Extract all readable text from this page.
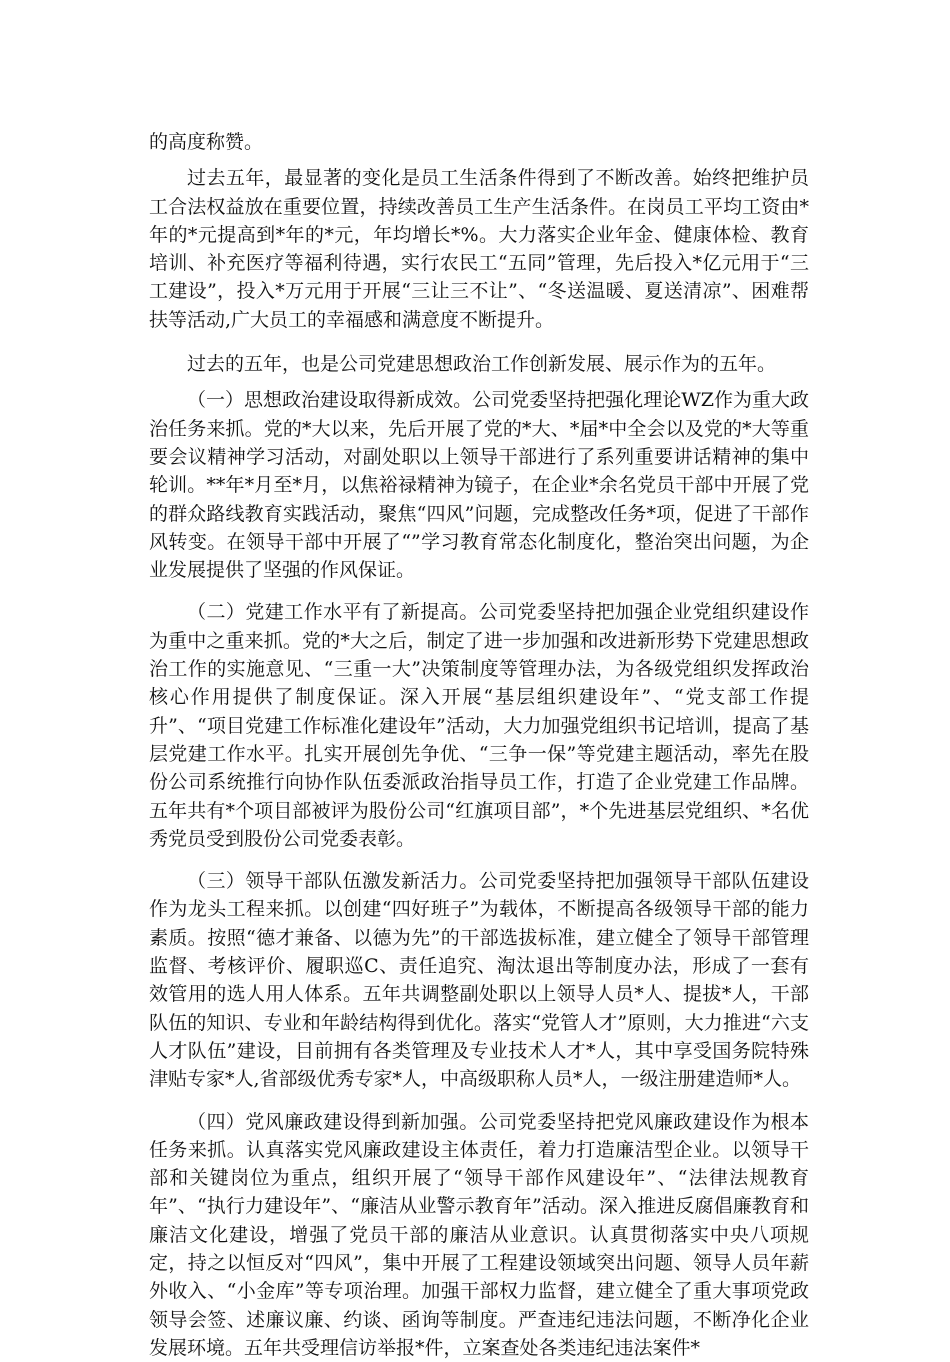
的高度称赞。

过去五年，最显著的变化是员工生活条件得到了不断改善。始终把维护员工合法权益放在重要位置，持续改善员工生产生活条件。在岗员工平均工资由*年的*元提高到*年的*元，年均增长*%。大力落实企业年金、健康体检、教育培训、补充医疗等福利待遇，实行农民工“五同”管理，先后投入*亿元用于“三工建设”，投入*万元用于开展“三让三不让”、“冬送温暖、夏送清凉”、困难帮扶等活动,广大员工的幸福感和满意度不断提升。

过去的五年，也是公司党建思想政治工作创新发展、展示作为的五年。

（一）思想政治建设取得新成效。公司党委坚持把强化理论WZ作为重大政治任务来抓。党的*大以来，先后开展了党的*大、*届*中全会以及党的*大等重要会议精神学习活动，对副处职以上领导干部进行了系列重要讲话精神的集中轮训。**年*月至*月，以焦裕禄精神为镜子，在企业*余名党员干部中开展了党的群众路线教育实践活动，聚焦“四风”问题，完成整改任务*项，促进了干部作风转变。在领导干部中开展了“”学习教育常态化制度化，整治突出问题，为企业发展提供了坚强的作风保证。

（二）党建工作水平有了新提高。公司党委坚持把加强企业党组织建设作为重中之重来抓。党的*大之后，制定了进一步加强和改进新形势下党建思想政治工作的实施意见、“三重一大”决策制度等管理办法，为各级党组织发挥政治核心作用提供了制度保证。深入开展“基层组织建设年”、“党支部工作提升”、“项目党建工作标准化建设年”活动，大力加强党组织书记培训，提高了基层党建工作水平。扎实开展创先争优、“三争一保”等党建主题活动，率先在股份公司系统推行向协作队伍委派政治指导员工作，打造了企业党建工作品牌。五年共有*个项目部被评为股份公司“红旗项目部”，*个先进基层党组织、*名优秀党员受到股份公司党委表彰。

（三）领导干部队伍激发新活力。公司党委坚持把加强领导干部队伍建设作为龙头工程来抓。以创建“四好班子”为载体，不断提高各级领导干部的能力素质。按照“德才兼备、以德为先”的干部选拔标准，建立健全了领导干部管理监督、考核评价、履职巡C、责任追究、淘汰退出等制度办法，形成了一套有效管用的选人用人体系。五年共调整副处职以上领导人员*人、提拔*人，干部队伍的知识、专业和年龄结构得到优化。落实“党管人才”原则，大力推进“六支人才队伍”建设，目前拥有各类管理及专业技术人才*人，其中享受国务院特殊津贴专家*人,省部级优秀专家*人，中高级职称人员*人，一级注册建造师*人。

（四）党风廉政建设得到新加强。公司党委坚持把党风廉政建设作为根本任务来抓。认真落实党风廉政建设主体责任，着力打造廉洁型企业。以领导干部和关键岗位为重点，组织开展了“领导干部作风建设年”、“法律法规教育年”、“执行力建设年”、“廉洁从业警示教育年”活动。深入推进反腐倡廉教育和廉洁文化建设，增强了党员干部的廉洁从业意识。认真贯彻落实中央八项规定，持之以恒反对“四风”，集中开展了工程建设领域突出问题、领导人员年薪外收入、“小金库”等专项治理。加强干部权力监督，建立健全了重大事项党政领导会签、述廉议廉、约谈、函询等制度。严查违纪违法问题，不断净化企业发展环境。五年共受理信访举报*件，立案查处各类违纪违法案件*
